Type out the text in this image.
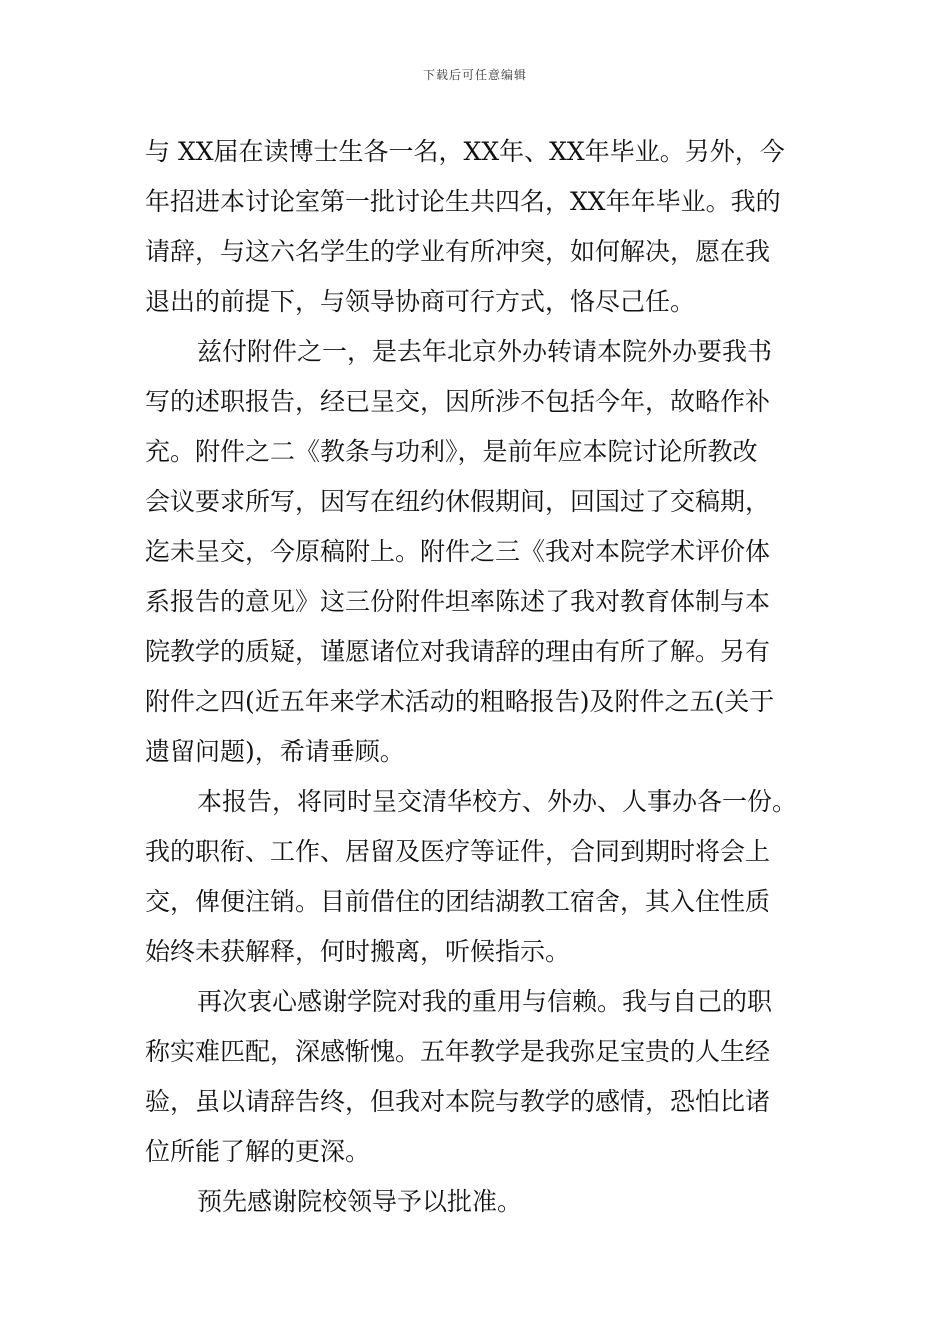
下载后可任意编辑
与 XX届在读博士生各一名，XX年、XX年毕业。另外，今
年招进本讨论室第一批讨论生共四名，XX年年毕业。我的
请辞，与这六名学生的学业有所冲突，如何解决，愿在我
退出的前提下，与领导协商可行方式，恪尽己任。
兹付附件之一，是去年北京外办转请本院外办要我书
写的述职报告，经已呈交，因所涉不包括今年，故略作补
充。附件之二《教条与功利》，是前年应本院讨论所教改
会议要求所写，因写在纽约休假期间，回国过了交稿期，
迄未呈交，今原稿附上。附件之三《我对本院学术评价体
系报告的意见》这三份附件坦率陈述了我对教育体制与本
院教学的质疑，谨愿诸位对我请辞的理由有所了解。另有
附件之四(近五年来学术活动的粗略报告)及附件之五(关于
遗留问题)，希请垂顾。
本报告，将同时呈交清华校方、外办、人事办各一份。
我的职衔、工作、居留及医疗等证件，合同到期时将会上
交，俾便注销。目前借住的团结湖教工宿舍，其入住性质
始终未获解释，何时搬离，听候指示。
再次衷心感谢学院对我的重用与信赖。我与自己的职
称实难匹配，深感惭愧。五年教学是我弥足宝贵的人生经
验，虽以请辞告终，但我对本院与教学的感情，恐怕比诸
位所能了解的更深。
预先感谢院校领导予以批准。
